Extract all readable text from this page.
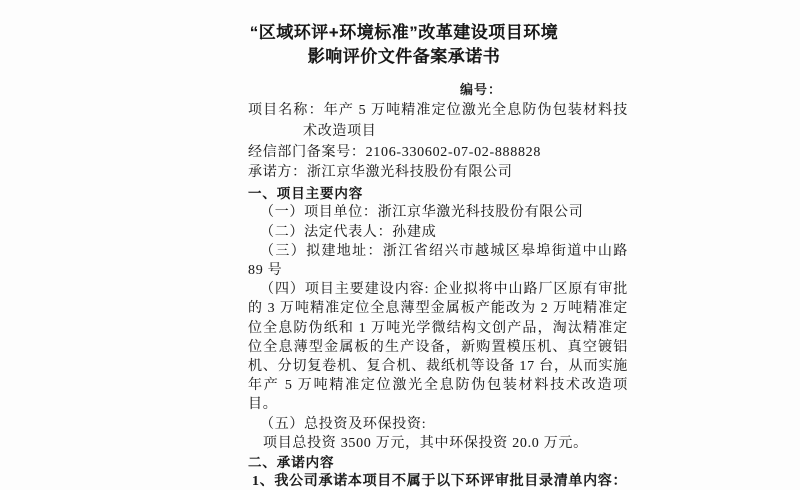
“区域环评+环境标准”改革建设项目环境
影响评价文件备案承诺书
编号：

项目名称：年产 5 万吨精准定位激光全息防伪包装材料技术改造项目

经信部门备案号：2106-330602-07-02-888828

承诺方：浙江京华激光科技股份有限公司

一、项目主要内容

（一）项目单位：浙江京华激光科技股份有限公司

（二）法定代表人：孙建成

（三）拟建地址：浙江省绍兴市越城区皋埠街道中山路 89 号

（四）项目主要建设内容: 企业拟将中山路厂区原有审批的 3 万吨精准定位全息薄型金属板产能改为 2 万吨精准定位全息防伪纸和 1 万吨光学微结构文创产品，淘汰精准定位全息薄型金属板的生产设备，新购置模压机、真空镀铝机、分切复卷机、复合机、裁纸机等设备 17 台，从而实施年产 5 万吨精准定位激光全息防伪包装材料技术改造项目。

（五）总投资及环保投资:

项目总投资 3500 万元，其中环保投资 20.0 万元。

二、承诺内容

1、我公司承诺本项目不属于以下环评审批目录清单内容：
